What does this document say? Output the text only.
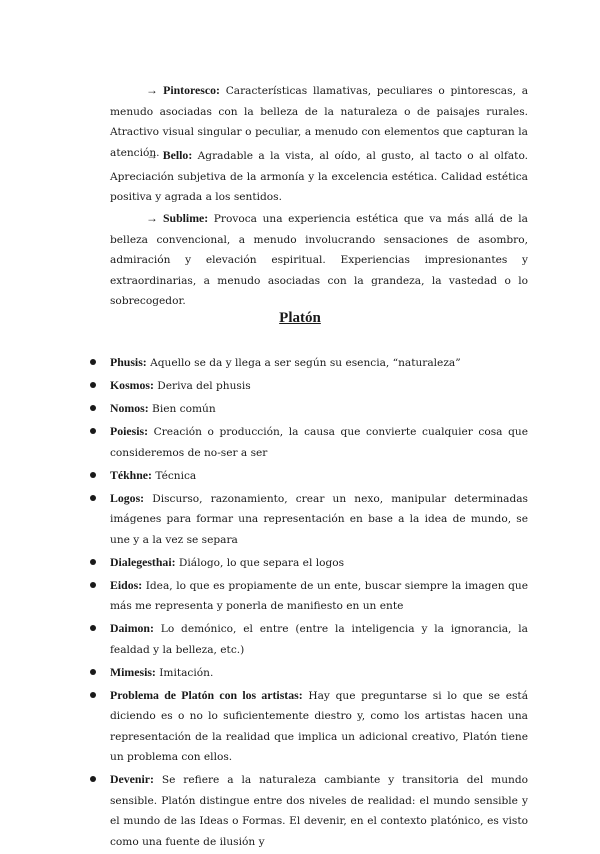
→ Pintoresco: Características llamativas, peculiares o pintorescas, a menudo asociadas con la belleza de la naturaleza o de paisajes rurales. Atractivo visual singular o peculiar, a menudo con elementos que capturan la atención.

→ Bello: Agradable a la vista, al oído, al gusto, al tacto o al olfato. Apreciación subjetiva de la armonía y la excelencia estética. Calidad estética positiva y agrada a los sentidos.

→ Sublime: Provoca una experiencia estética que va más allá de la belleza convencional, a menudo involucrando sensaciones de asombro, admiración y elevación espiritual. Experiencias impresionantes y extraordinarias, a menudo asociadas con la grandeza, la vastedad o lo sobrecogedor.

Platón
Phusis: Aquello se da y llega a ser según su esencia, “naturaleza”
Kosmos: Deriva del phusis
Nomos: Bien común
Poiesis: Creación o producción, la causa que convierte cualquier cosa que consideremos de no-ser a ser
Tékhne: Técnica
Logos: Discurso, razonamiento, crear un nexo, manipular determinadas imágenes para formar una representación en base a la idea de mundo, se une y a la vez se separa
Dialegesthai: Diálogo, lo que separa el logos
Eidos: Idea, lo que es propiamente de un ente, buscar siempre la imagen que más me representa y ponerla de manifiesto en un ente
Daimon: Lo demónico, el entre (entre la inteligencia y la ignorancia, la fealdad y la belleza, etc.)
Mimesis: Imitación.
Problema de Platón con los artistas: Hay que preguntarse si lo que se está diciendo es o no lo suficientemente diestro y, como los artistas hacen una representación de la realidad que implica un adicional creativo, Platón tiene un problema con ellos.
Devenir: Se refiere a la naturaleza cambiante y transitoria del mundo sensible. Platón distingue entre dos niveles de realidad: el mundo sensible y el mundo de las Ideas o Formas. El devenir, en el contexto platónico, es visto como una fuente de ilusión y
